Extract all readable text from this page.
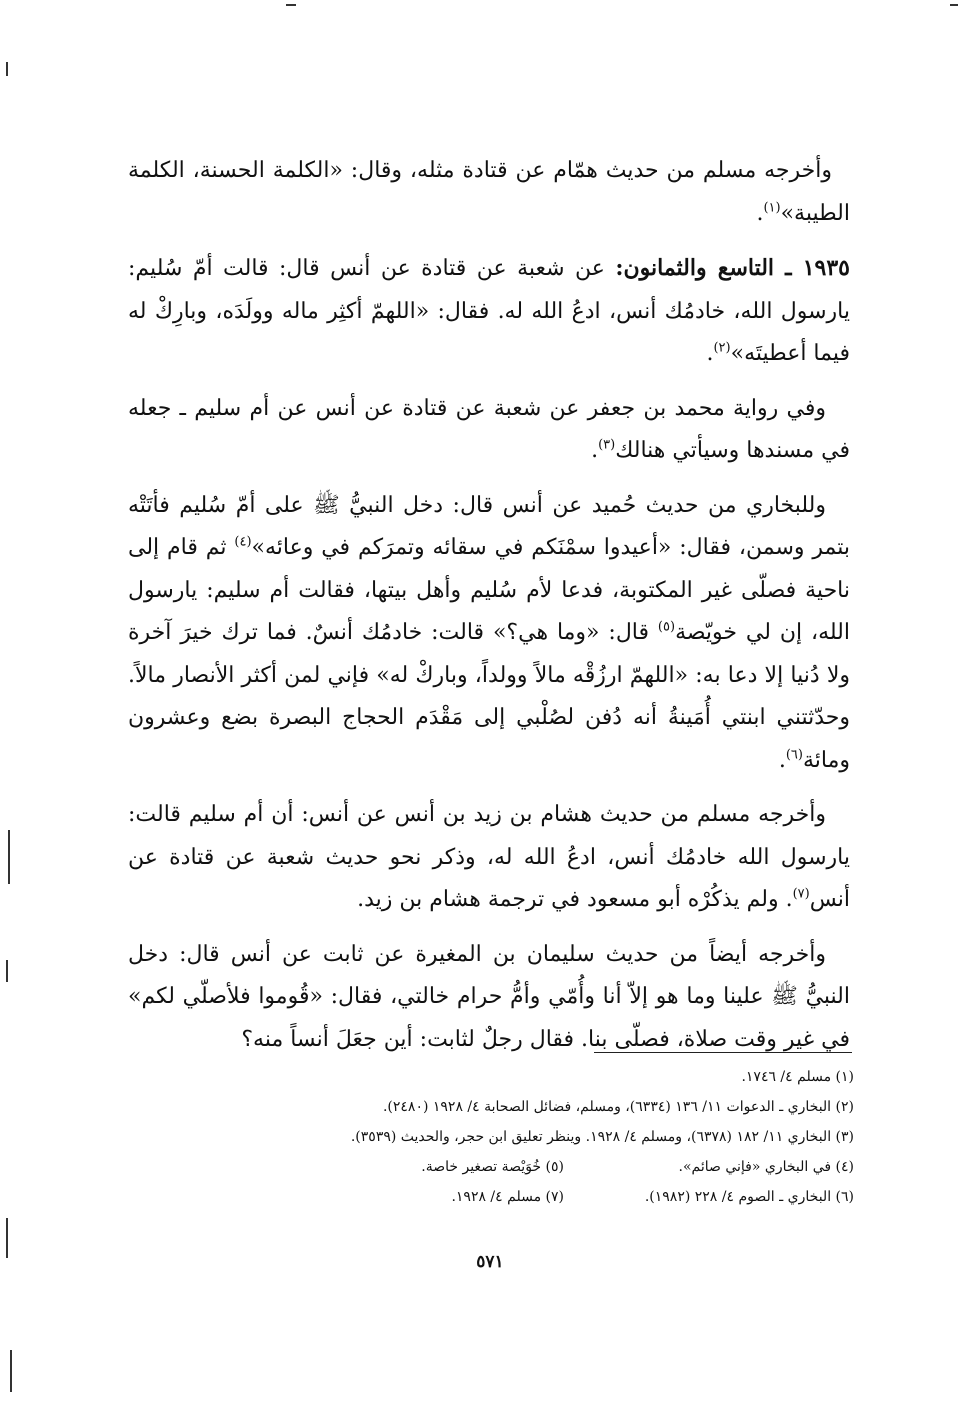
وأخرجه مسلم من حديث همّام عن قتادة مثله، وقال: «الكلمة الحسنة، الكلمة الطيبة»$^{(١)}$.

١٩٣٥ ـ التاسع والثمانون: عن شعبة عن قتادة عن أنس قال: قالت أمّ سُليم: يارسول الله، خادمُك أنس، ادعُ الله له. فقال: «اللهمّ أكثِر ماله وولَدَه، وبارِكْ له فيما أعطيتَه»$^{(٢)}$.

وفي رواية محمد بن جعفر عن شعبة عن قتادة عن أنس عن أم سليم ـ جعله في مسندها وسيأتي هنالك$^{(٣)}$.

وللبخاري من حديث حُميد عن أنس قال: دخل النبيُّ ﷺ على أمّ سُليم فأتَتْه بتمر وسمن، فقال: «أعيدوا سمْنَكم في سقائه وتمرَكم في وعائه»$^{(٤)}$ ثم قام إلى ناحية فصلّى غير المكتوبة، فدعا لأم سُليم وأهل بيتها، فقالت أم سليم: يارسول الله، إن لي خويّصة$^{(٥)}$ قال: «وما هي؟» قالت: خادمُك أنسٌ. فما ترك خيرَ آخرة ولا دُنيا إلا دعا به: «اللهمّ ارزُقْه مالاً وولداً، وباركْ له» فإني لمن أكثر الأنصار مالاً. وحدّثتني ابنتي أُمَينةُ أنه دُفن لصُلْبي إلى مَقْدَم الحجاج البصرة بضع وعشرون ومائة$^{(٦)}$.

وأخرجه مسلم من حديث هشام بن زيد بن أنس عن أنس: أن أم سليم قالت: يارسول الله خادمُك أنس، ادعُ الله له، وذكر نحو حديث شعبة عن قتادة عن أنس$^{(٧)}$. ولم يذكُرْه أبو مسعود في ترجمة هشام بن زيد.

وأخرجه أيضاً من حديث سليمان بن المغيرة عن ثابت عن أنس قال: دخل النبيُّ ﷺ علينا وما هو إلاّ أنا وأُمّي وأمُّ حرام خالتي، فقال: «قُوموا فلأصلّي لكم» في غير وقت صلاة، فصلّى بنا. فقال رجلٌ لثابت: أين جعَلَ أنساً منه؟

(١) مسلم ٤/ ١٧٤٦.
(٢) البخاري ـ الدعوات ١١/ ١٣٦ (٦٣٣٤)، ومسلم، فضائل الصحابة ٤/ ١٩٢٨ (٢٤٨٠).
(٣) البخاري ١١/ ١٨٢ (٦٣٧٨)، ومسلم ٤/ ١٩٢٨. وينظر تعليق ابن حجر، والحديث (٣٥٣٩).
(٤) في البخاري «فإني صائم».
(٥) خُوَيْصة تصغير خاصة.
(٦) البخاري ـ الصوم ٤/ ٢٢٨ (١٩٨٢).
(٧) مسلم ٤/ ١٩٢٨.
٥٧١
